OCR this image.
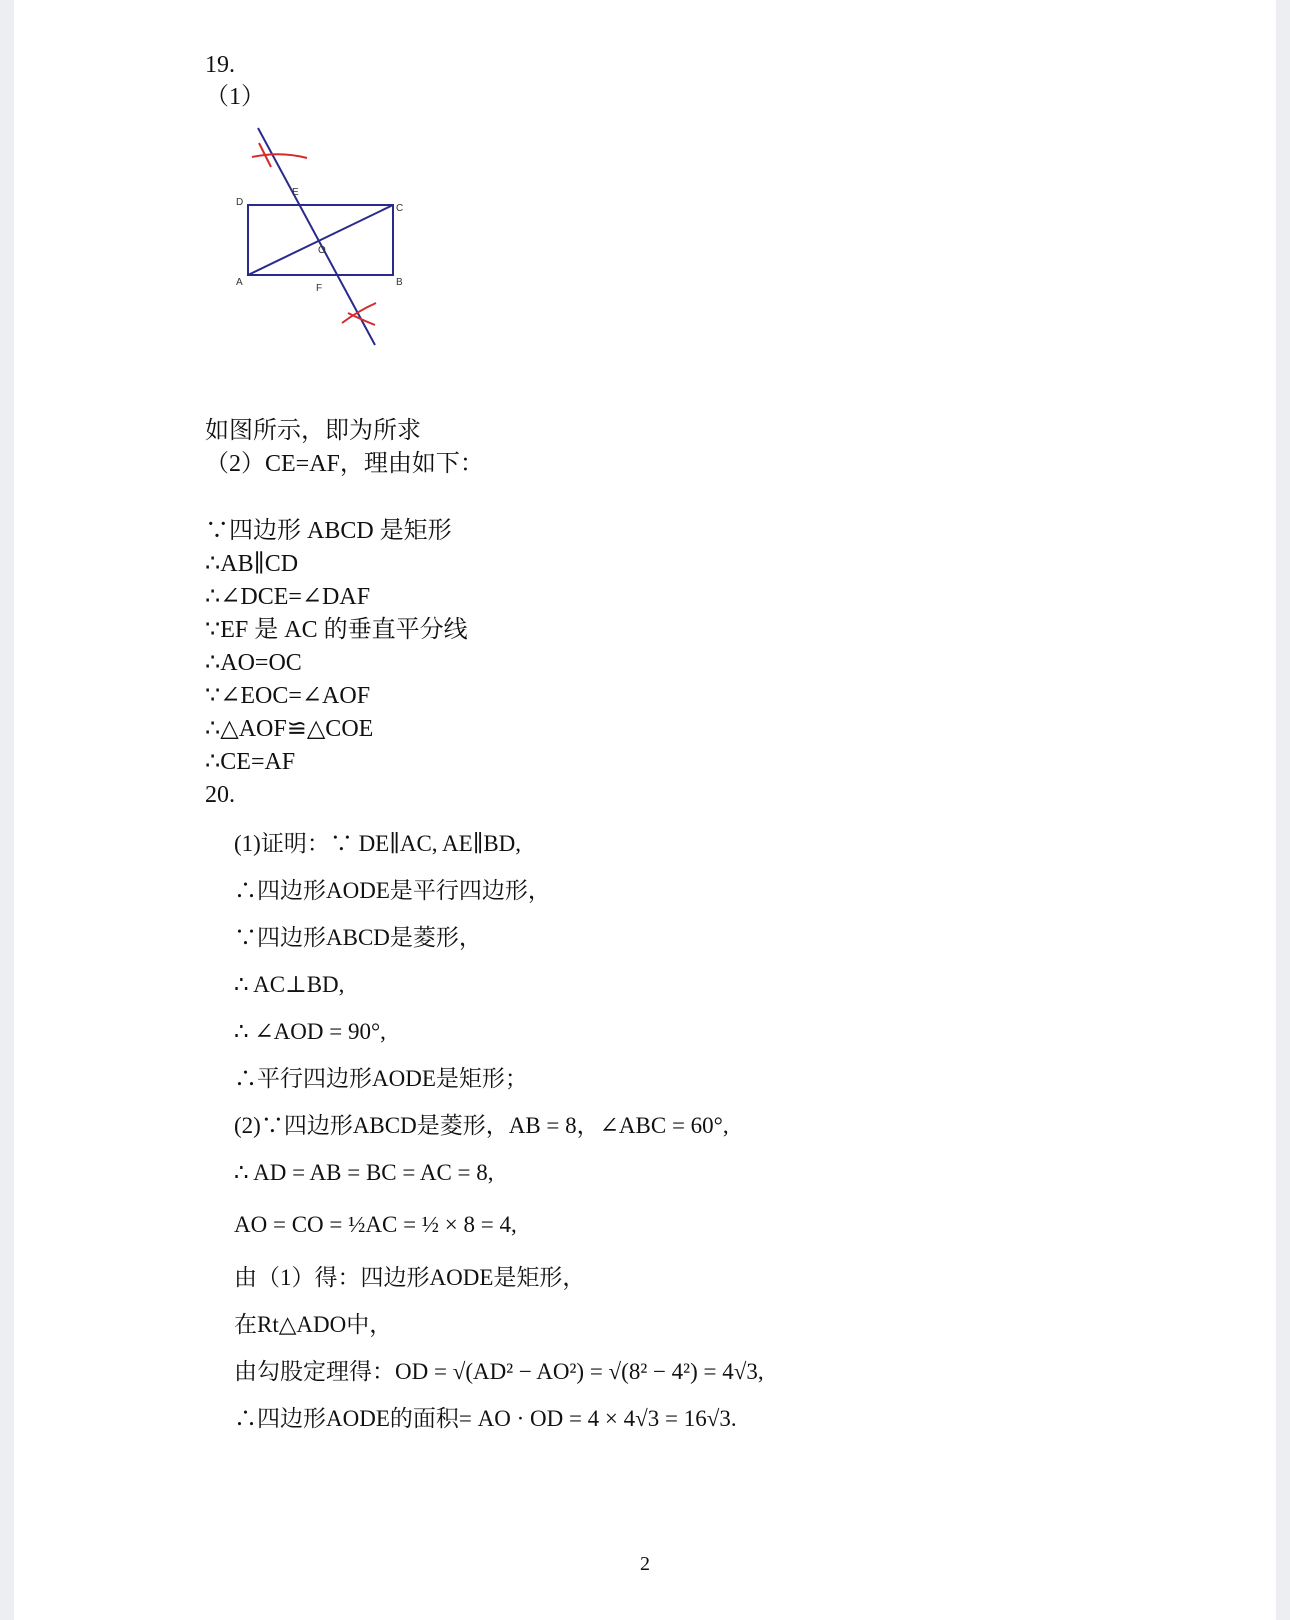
19.
（1）
D
C
A	B
E
F
O
如图所示，即为所求
（2）CE=AF，理由如下：
∵四边形 ABCD 是矩形
∴AB∥CD
∴∠DCE=∠DAF
∵EF 是 AC 的垂直平分线
∴AO=OC
∵∠EOC=∠AOF
∴△AOF≌△COE
∴CE=AF
20.
(1)证明：∵ DE∥AC, AE∥BD,
∴四边形AODE是平行四边形，
∵四边形ABCD是菱形，
∴ AC⊥BD,
∴ ∠AOD = 90°,
∴平行四边形AODE是矩形；
(2)∵四边形ABCD是菱形，AB = 8，∠ABC = 60°,
∴ AD = AB = BC = AC = 8,
AO = CO = ½AC = ½ × 8 = 4,
由（1）得：四边形AODE是矩形，
在Rt△ADO中，
由勾股定理得：OD = √(AD² − AO²) = √(8² − 4²) = 4√3,
∴四边形AODE的面积= AO · OD = 4 × 4√3 = 16√3.
2
